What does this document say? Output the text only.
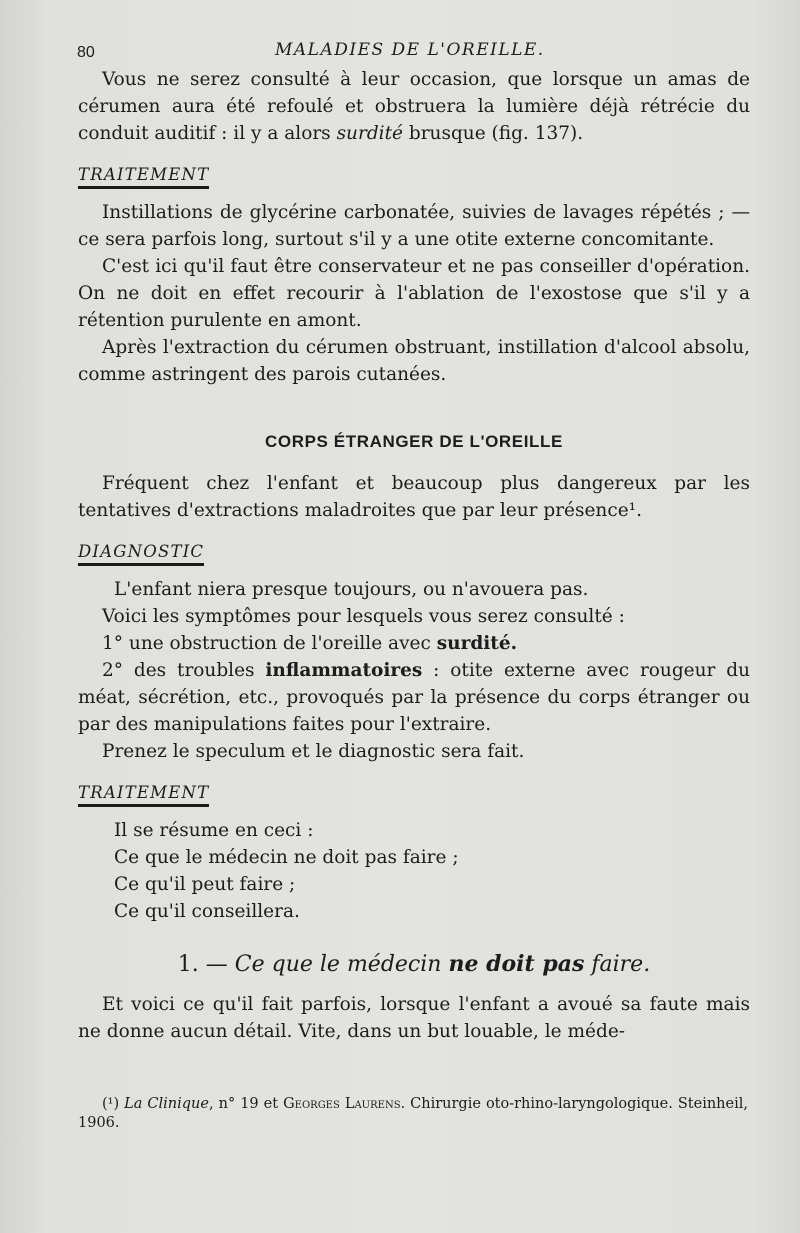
80	MALADIES DE L'OREILLE.

Vous ne serez consulté à leur occasion, que lorsque un amas de cérumen aura été refoulé et obstruera la lumière déjà rétrécie du conduit auditif : il y a alors surdité brusque (fig. 137).

TRAITEMENT

Instillations de glycérine carbonatée, suivies de lavages répétés ; — ce sera parfois long, surtout s'il y a une otite externe concomitante.

C'est ici qu'il faut être conservateur et ne pas conseiller d'opération. On ne doit en effet recourir à l'ablation de l'exostose que s'il y a rétention purulente en amont.

Après l'extraction du cérumen obstruant, instillation d'alcool absolu, comme astringent des parois cutanées.

CORPS ÉTRANGER DE L'OREILLE

Fréquent chez l'enfant et beaucoup plus dangereux par les tentatives d'extractions maladroites que par leur présence¹.

DIAGNOSTIC
L'enfant niera presque toujours, ou n'avouera pas.
Voici les symptômes pour lesquels vous serez consulté :
1° une obstruction de l'oreille avec surdité.

2° des troubles inflammatoires : otite externe avec rougeur du méat, sécrétion, etc., provoqués par la présence du corps étranger ou par des manipulations faites pour l'extraire.

Prenez le speculum et le diagnostic sera fait.
TRAITEMENT
Il se résume en ceci :
Ce que le médecin ne doit pas faire ;
Ce qu'il peut faire ;
Ce qu'il conseillera.
1. — Ce que le médecin ne doit pas faire.

Et voici ce qu'il fait parfois, lorsque l'enfant a avoué sa faute mais ne donne aucun détail. Vite, dans un but louable, le méde-

(¹) La Clinique, n° 19 et Georges Laurens. Chirurgie oto-rhino-laryngologique. Steinheil, 1906.
